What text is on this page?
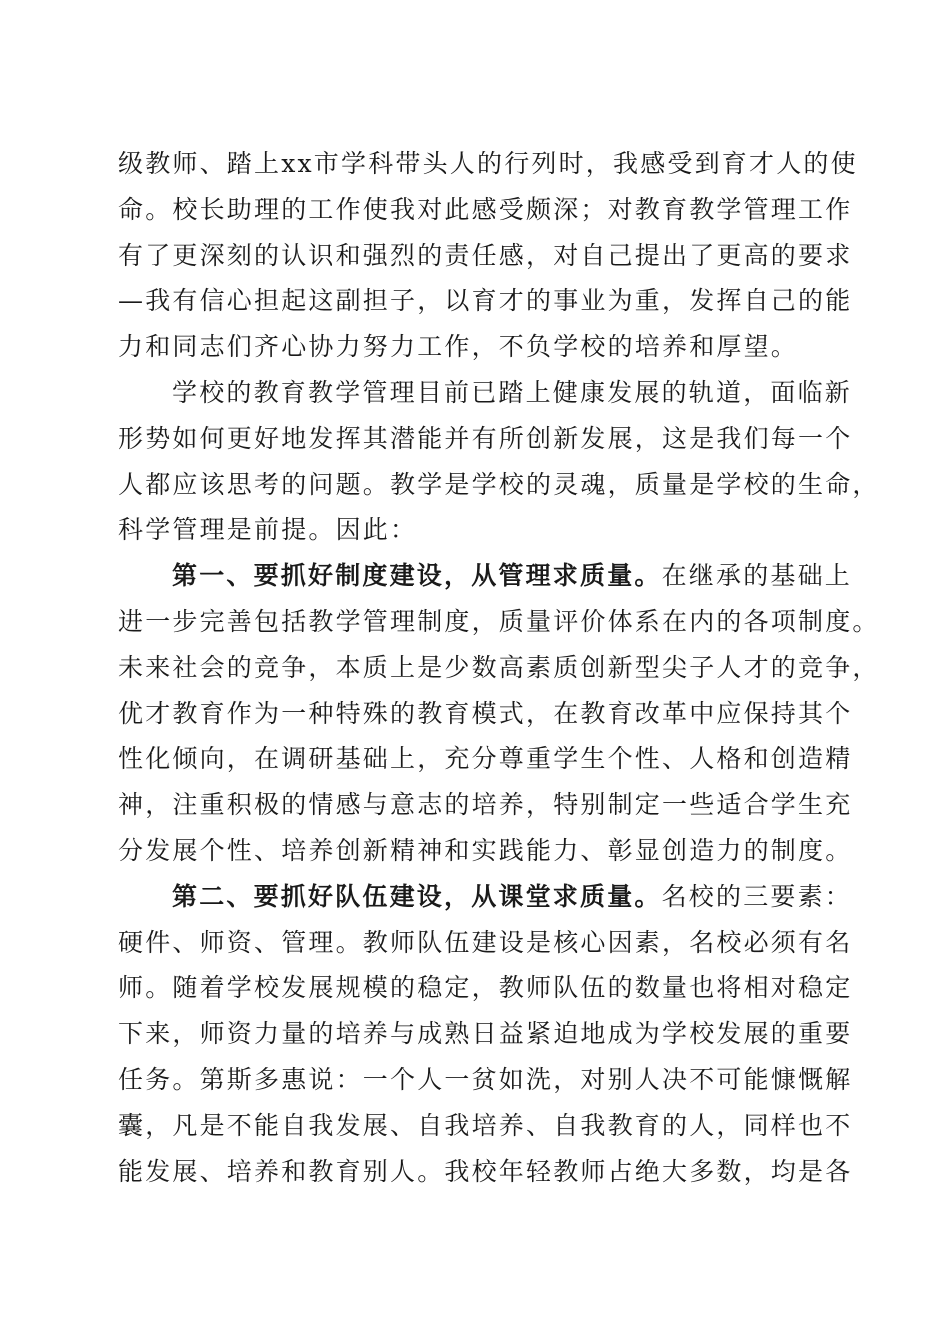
级教师、踏上xx市学科带头人的行列时，我感受到育才人的使
命。校长助理的工作使我对此感受颇深；对教育教学管理工作
有了更深刻的认识和强烈的责任感，对自己提出了更高的要求
—我有信心担起这副担子，以育才的事业为重，发挥自己的能
力和同志们齐心协力努力工作，不负学校的培养和厚望。
学校的教育教学管理目前已踏上健康发展的轨道，面临新
形势如何更好地发挥其潜能并有所创新发展，这是我们每一个
人都应该思考的问题。教学是学校的灵魂，质量是学校的生命，
科学管理是前提。因此：
第一、要抓好制度建设，从管理求质量。在继承的基础上
进一步完善包括教学管理制度，质量评价体系在内的各项制度。
未来社会的竞争，本质上是少数高素质创新型尖子人才的竞争，
优才教育作为一种特殊的教育模式，在教育改革中应保持其个
性化倾向，在调研基础上，充分尊重学生个性、人格和创造精
神，注重积极的情感与意志的培养，特别制定一些适合学生充
分发展个性、培养创新精神和实践能力、彰显创造力的制度。
第二、要抓好队伍建设，从课堂求质量。名校的三要素：
硬件、师资、管理。教师队伍建设是核心因素，名校必须有名
师。随着学校发展规模的稳定，教师队伍的数量也将相对稳定
下来，师资力量的培养与成熟日益紧迫地成为学校发展的重要
任务。第斯多惠说：一个人一贫如洗，对别人决不可能慷慨解
囊，凡是不能自我发展、自我培养、自我教育的人，同样也不
能发展、培养和教育别人。我校年轻教师占绝大多数，均是各
